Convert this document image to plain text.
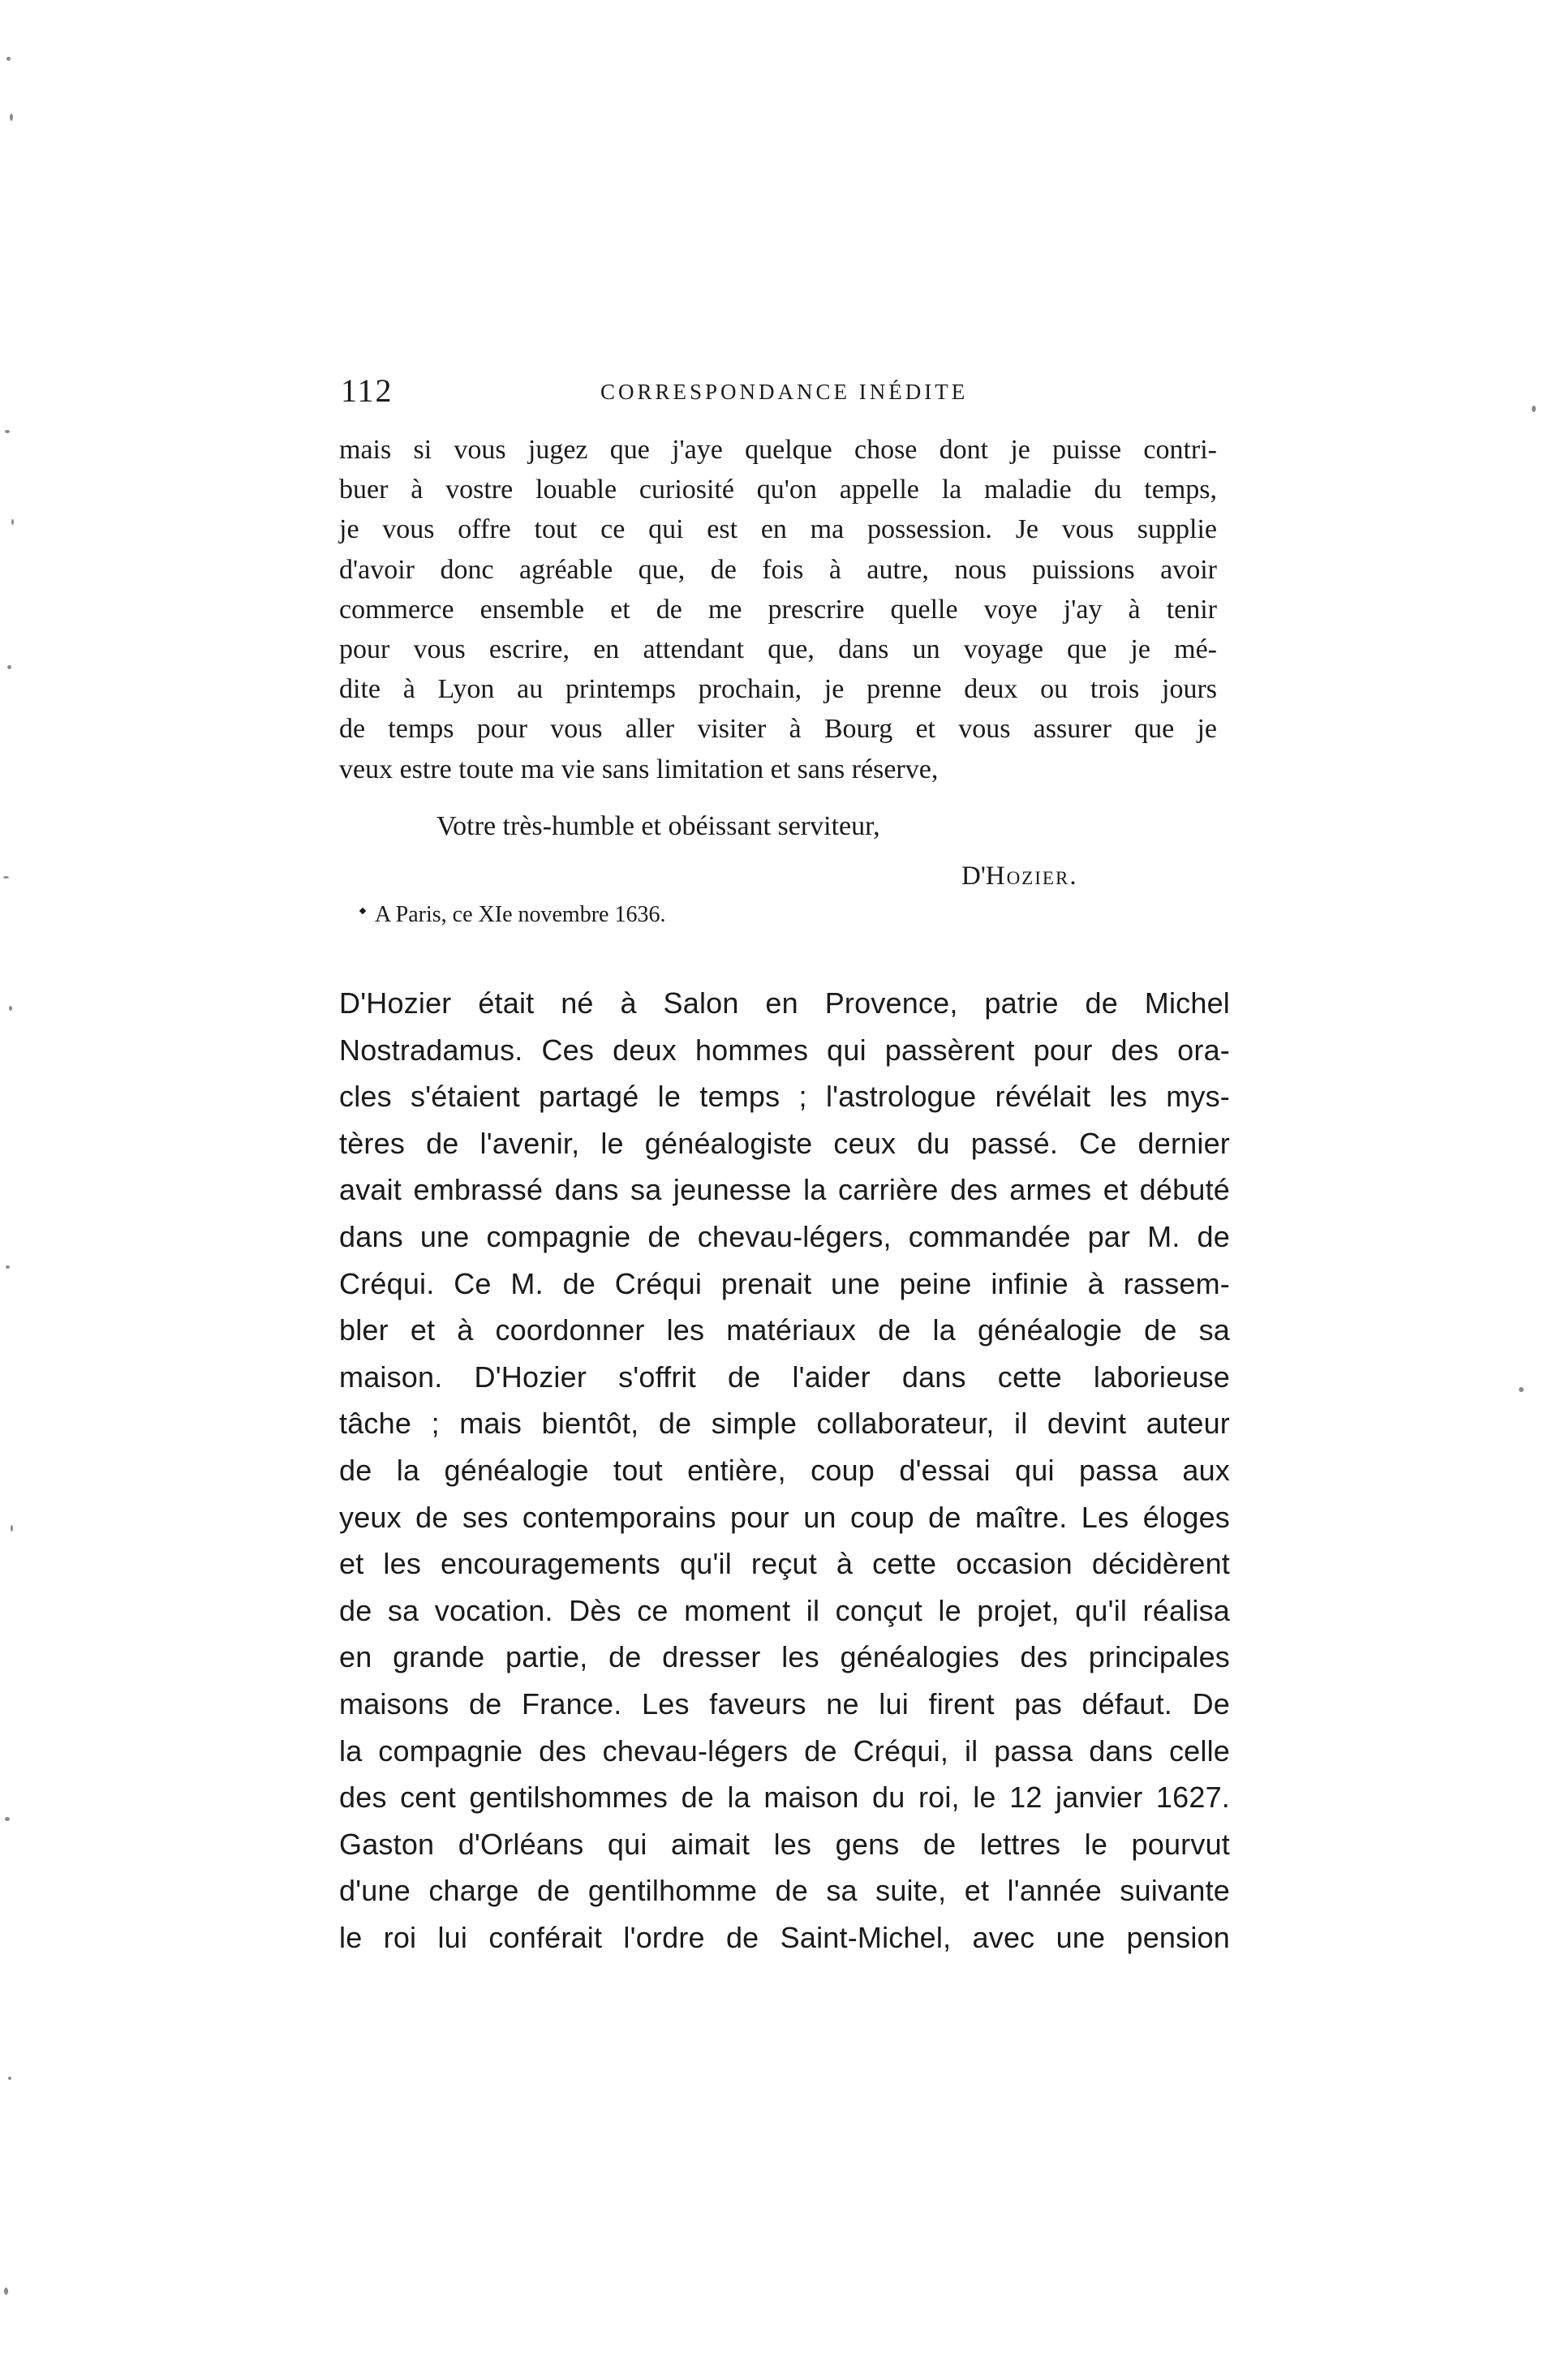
112	CORRESPONDANCE INÉDITE
mais si vous jugez que j'aye quelque chose dont je puisse contri-
buer à vostre louable curiosité qu'on appelle la maladie du temps,
je vous offre tout ce qui est en ma possession. Je vous supplie
d'avoir donc agréable que, de fois à autre, nous puissions avoir
commerce ensemble et de me prescrire quelle voye j'ay à tenir
pour vous escrire, en attendant que, dans un voyage que je mé-
dite à Lyon au printemps prochain, je prenne deux ou trois jours
de temps pour vous aller visiter à Bourg et vous assurer que je
veux estre toute ma vie sans limitation et sans réserve,
Votre très-humble et obéissant serviteur,
D'Hozier.
A Paris, ce XIe novembre 1636.
D'Hozier était né à Salon en Provence, patrie de Michel
Nostradamus. Ces deux hommes qui passèrent pour des ora-
cles s'étaient partagé le temps ; l'astrologue révélait les mys-
tères de l'avenir, le généalogiste ceux du passé. Ce dernier
avait embrassé dans sa jeunesse la carrière des armes et débuté
dans une compagnie de chevau-légers, commandée par M. de
Créqui. Ce M. de Créqui prenait une peine infinie à rassem-
bler et à coordonner les matériaux de la généalogie de sa
maison. D'Hozier s'offrit de l'aider dans cette laborieuse
tâche ; mais bientôt, de simple collaborateur, il devint auteur
de la généalogie tout entière, coup d'essai qui passa aux
yeux de ses contemporains pour un coup de maître. Les éloges
et les encouragements qu'il reçut à cette occasion décidèrent
de sa vocation. Dès ce moment il conçut le projet, qu'il réalisa
en grande partie, de dresser les généalogies des principales
maisons de France. Les faveurs ne lui firent pas défaut. De
la compagnie des chevau-légers de Créqui, il passa dans celle
des cent gentilshommes de la maison du roi, le 12 janvier 1627.
Gaston d'Orléans qui aimait les gens de lettres le pourvut
d'une charge de gentilhomme de sa suite, et l'année suivante
le roi lui conférait l'ordre de Saint-Michel, avec une pension
